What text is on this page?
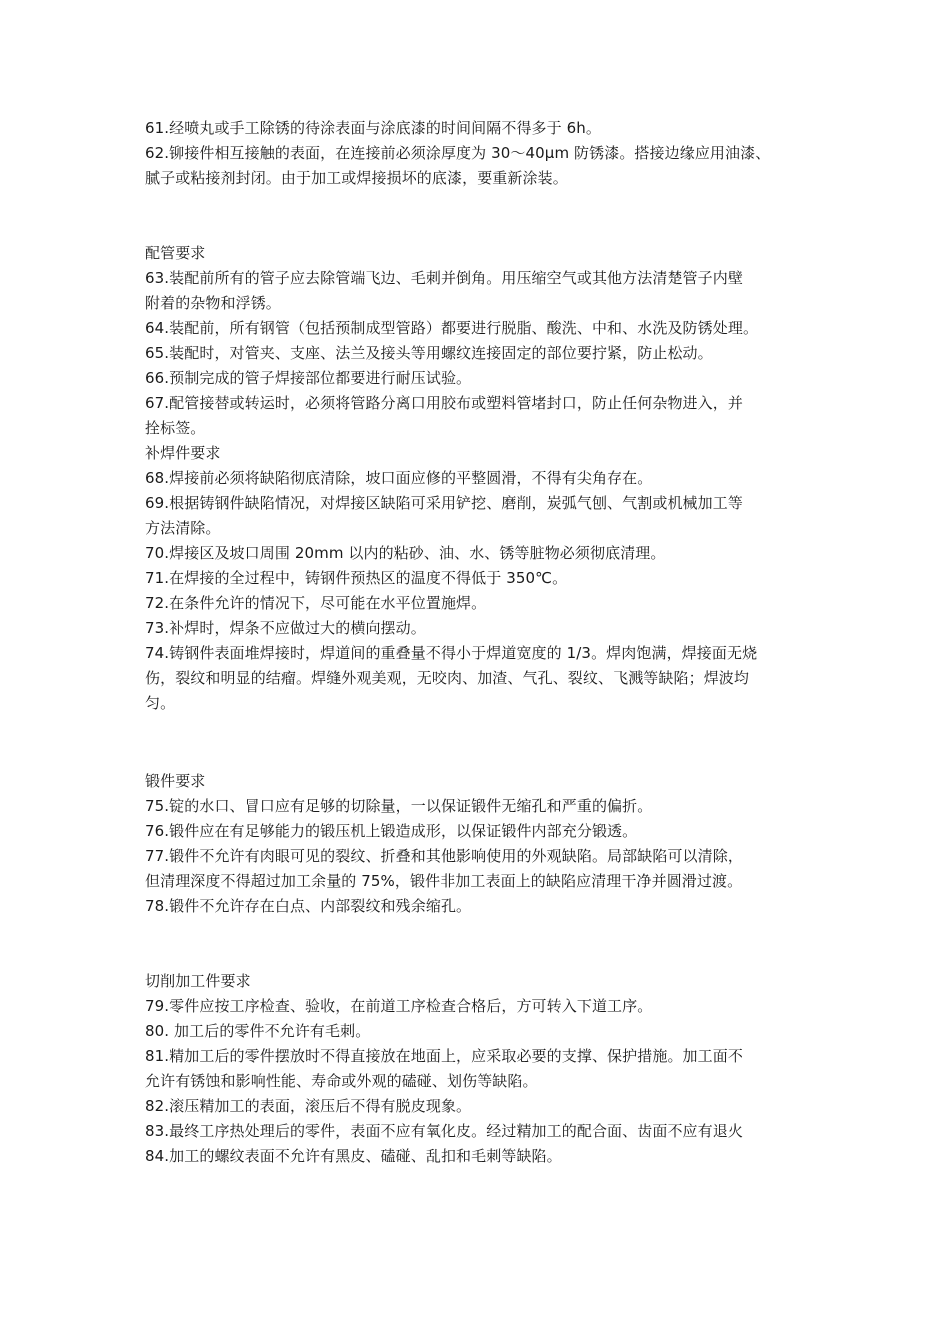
61.经喷丸或手工除锈的待涂表面与涂底漆的时间间隔不得多于 6h。
62.铆接件相互接触的表面，在连接前必须涂厚度为 30～40μm 防锈漆。搭接边缘应用油漆、
腻子或粘接剂封闭。由于加工或焊接损坏的底漆，要重新涂装。
配管要求
63.装配前所有的管子应去除管端飞边、毛刺并倒角。用压缩空气或其他方法清楚管子内壁
附着的杂物和浮锈。
64.装配前，所有钢管（包括预制成型管路）都要进行脱脂、酸洗、中和、水洗及防锈处理。
65.装配时，对管夹、支座、法兰及接头等用螺纹连接固定的部位要拧紧，防止松动。
66.预制完成的管子焊接部位都要进行耐压试验。
67.配管接替或转运时，必须将管路分离口用胶布或塑料管堵封口，防止任何杂物进入，并
拴标签。
补焊件要求
68.焊接前必须将缺陷彻底清除，坡口面应修的平整圆滑，不得有尖角存在。
69.根据铸钢件缺陷情况，对焊接区缺陷可采用铲挖、磨削，炭弧气刨、气割或机械加工等
方法清除。
70.焊接区及坡口周围 20mm 以内的粘砂、油、水、锈等脏物必须彻底清理。
71.在焊接的全过程中，铸钢件预热区的温度不得低于 350℃。
72.在条件允许的情况下，尽可能在水平位置施焊。
73.补焊时，焊条不应做过大的横向摆动。
74.铸钢件表面堆焊接时，焊道间的重叠量不得小于焊道宽度的 1/3。焊肉饱满，焊接面无烧
伤，裂纹和明显的结瘤。焊缝外观美观，无咬肉、加渣、气孔、裂纹、飞溅等缺陷；焊波均
匀。
锻件要求
75.锭的水口、冒口应有足够的切除量，一以保证锻件无缩孔和严重的偏折。
76.锻件应在有足够能力的锻压机上锻造成形，以保证锻件内部充分锻透。
77.锻件不允许有肉眼可见的裂纹、折叠和其他影响使用的外观缺陷。局部缺陷可以清除，
但清理深度不得超过加工余量的 75%，锻件非加工表面上的缺陷应清理干净并圆滑过渡。
78.锻件不允许存在白点、内部裂纹和残余缩孔。
切削加工件要求
79.零件应按工序检查、验收，在前道工序检查合格后，方可转入下道工序。
80. 加工后的零件不允许有毛刺。
81.精加工后的零件摆放时不得直接放在地面上，应采取必要的支撑、保护措施。加工面不
允许有锈蚀和影响性能、寿命或外观的磕碰、划伤等缺陷。
82.滚压精加工的表面，滚压后不得有脱皮现象。
83.最终工序热处理后的零件，表面不应有氧化皮。经过精加工的配合面、齿面不应有退火
84.加工的螺纹表面不允许有黑皮、磕碰、乱扣和毛刺等缺陷。
